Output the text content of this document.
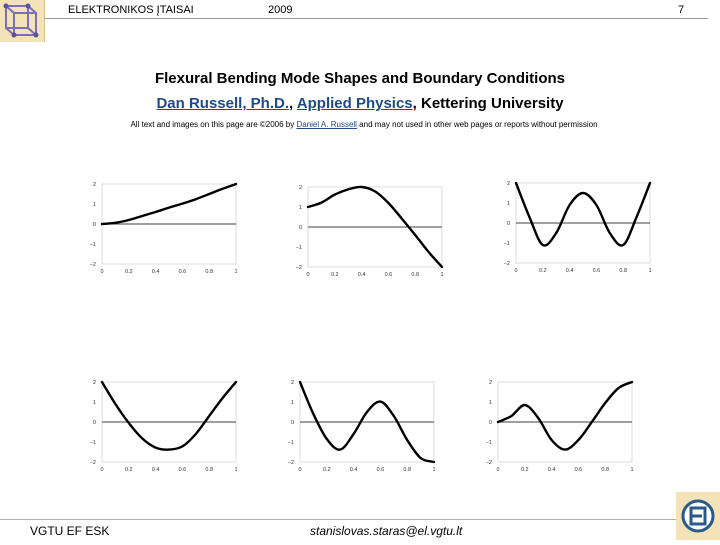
ELEKTRONIKOS ĮTAISAI	2009	7
Flexural Bending Mode Shapes and Boundary Conditions
Dan Russell, Ph.D., Applied Physics, Kettering University
All text and images on this page are ©2006 by Daniel A. Russell and may not used in other web pages or reports without permission
2
1
0
−1
−2
0	0.2	0.4	0.6	0.8	1
2
1
0
−1
−2
0	0.2	0.4	0.6	0.8	1
2
1
0
−1
−2
0	0.2	0.4	0.6	0.8	1
2
1
0
−1
−2
0	0.2	0.4	0.6	0.8	1
2
1
0
−1
−2
0	0.2	0.4	0.6	0.8	1
2
1
0
−1
−2
0	0.2	0.4	0.6	0.8	1
VGTU EF ESK	stanislovas.staras@el.vgtu.lt
